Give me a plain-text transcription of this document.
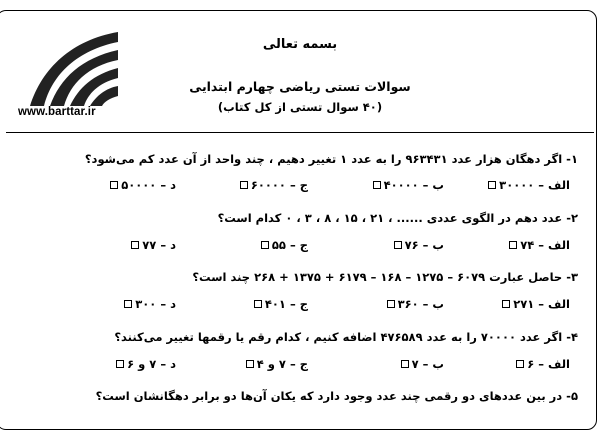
www.barttar.ir
بسمه تعالی
سوالات تستی ریاضی چهارم ابتدایی
(۴۰ سوال تستی از کل کتاب)
۱- اگر دهگان هزار عدد ۹۶۳۴۳۱ را به عدد ۱ تغییر دهیم ، چند واحد از آن عدد کم می‌شود؟
الف – ۳۰۰۰۰
ب – ۴۰۰۰۰
ج – ۶۰۰۰۰
د – ۵۰۰۰۰
۲- عدد دهم در الگوی عددی ...... ، ۲۱ ، ۱۵ ، ۸ ، ۳ ، ۰ کدام است؟
الف – ۷۴
ب – ۷۶
ج – ۵۵
د – ۷۷
۳- حاصل عبارت ۶۰۷۹ – ۱۲۷۵ – ۱۶۸ – ۶۱۷۹ + ۱۳۷۵ + ۲۶۸ چند است؟
الف – ۲۷۱
ب – ۳۶۰
ج – ۴۰۱
د – ۳۰۰
۴- اگر عدد ۷۰۰۰۰ را به عدد ۴۷۶۵۸۹ اضافه کنیم ، کدام رقم یا رقمها تغییر می‌کنند؟
الف – ۶
ب – ۷
ج – ۷ و ۴
د – ۷ و ۶
۵- در بین عددهای دو رقمی چند عدد وجود دارد که یکان آن‌ها دو برابر دهگانشان است؟
